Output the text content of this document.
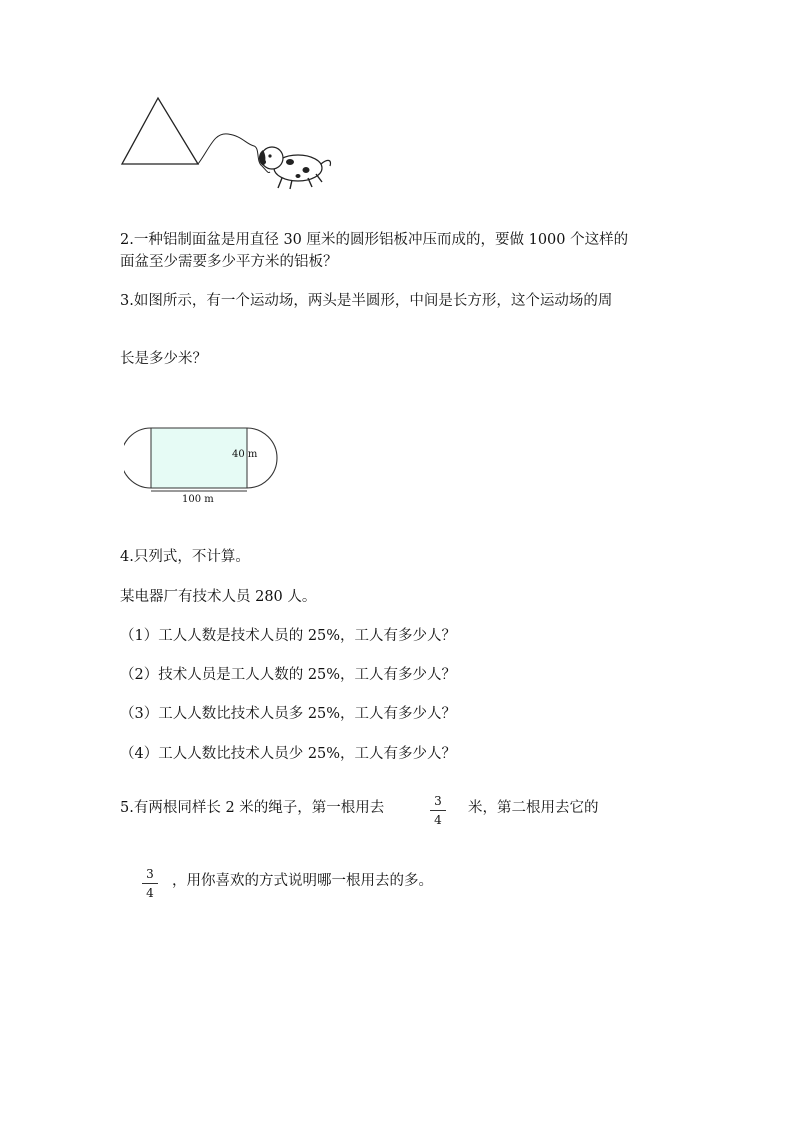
2.一种铝制面盆是用直径 30 厘米的圆形铝板冲压而成的，要做 1000 个这样的
面盆至少需要多少平方米的铝板？
3.如图所示，有一个运动场，两头是半圆形，中间是长方形，这个运动场的周
长是多少米？
40 m
100 m
4.只列式，不计算。
某电器厂有技术人员 280 人。
（1）工人人数是技术人员的 25%，工人有多少人？
（2）技术人员是工人人数的 25%，工人有多少人？
（3）工人人数比技术人员多 25%，工人有多少人？
（4）工人人数比技术人员少 25%，工人有多少人？
5.有两根同样长 2 米的绳子，第一根用去	3
4
米，第二根用去它的
3
4
，用你喜欢的方式说明哪一根用去的多。
